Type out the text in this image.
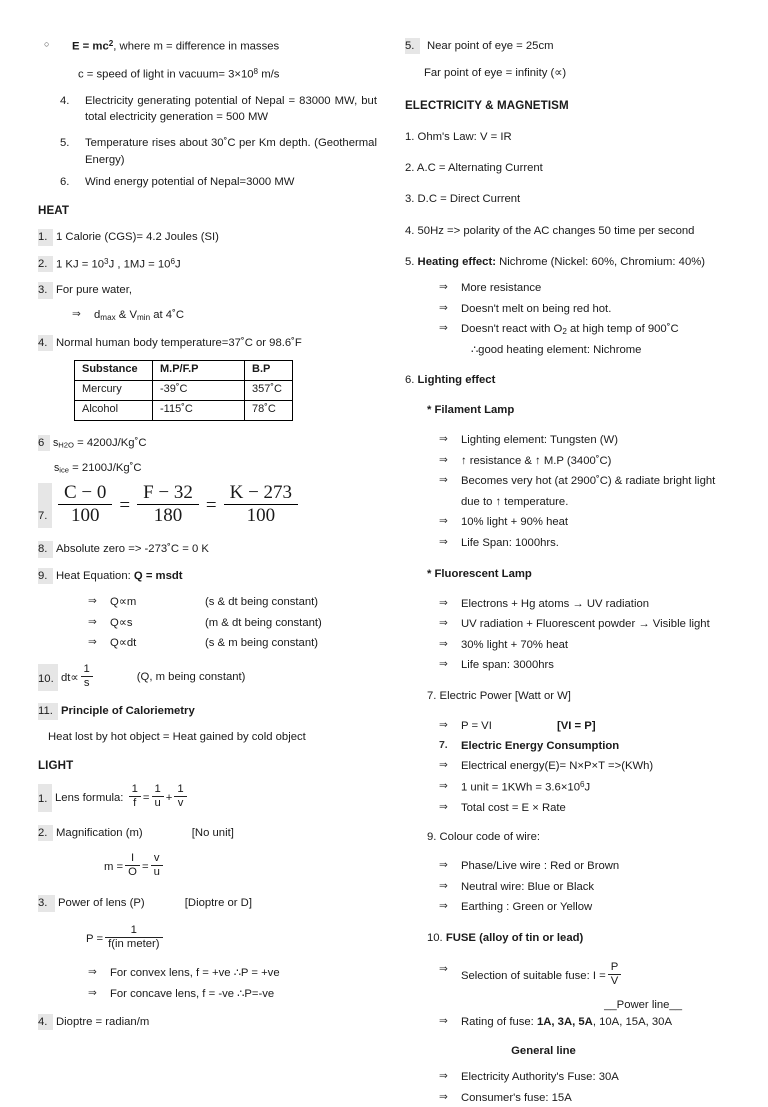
○	$E = mc^2$, where m = difference in masses
c = speed of light in vacuum= $3\times 10^8$ m/s
4.	Electricity generating potential of Nepal = 83000 MW, but total electricity generation = 500 MW
5.	Temperature rises about 30˚C per Km depth. (Geothermal Energy)
6.	Wind energy potential of Nepal=3000 MW
HEAT
1. 1 Calorie (CGS)= 4.2 Joules (SI)
2. 1 KJ = $10^3J$ , $1MJ = 10^6J$
3. For pure water,
⇒	$d_{max}$ & $V_{min}$ at 4˚C
4. Normal human body temperature=37˚C or 98.6˚F
Substance	M.P/F.P	B.P
Mercury	-39˚C	357˚C
Alcohol	-115˚C	78˚C
6 $s_{H2O}$ = 4200J/Kg˚C
$s_{ice}$ = 2100J/Kg˚C
7. $\frac{C - 0}{100} = \frac{F - 32}{180} = \frac{K - 273}{100}$
8. Absolute zero => -273˚C = 0 K
9. Heat Equation: Q = msdt
⇒	Q∝m	(s & dt being constant)
⇒	Q∝s	(m & dt being constant)
⇒	Q∝dt	(s & m being constant)
10. $dt\propto \frac{1}{s}$	(Q, m being constant)
11. Principle of Caloriemetry
Heat lost by hot object = Heat gained by cold object
LIGHT
1. Lens formula: $\frac{1}{f} = \frac{1}{u} + \frac{1}{v}$
2. Magnification (m)	[No unit]
$m = \frac{I}{O} = \frac{v}{u}$
3. Power of lens (P)	[Dioptre or D]
$P = \frac{1}{\text{f(in meter)}}$
⇒	For convex lens, f = +ve ∴P = +ve
⇒	For concave lens, f = -ve ∴P=-ve
4. Dioptre = radian/m
5.	Near point of eye = 25cm
Far point of eye = infinity (∝)
ELECTRICITY & MAGNETISM
1. Ohm's Law: V = IR
2. A.C = Alternating Current
3. D.C = Direct Current
4. 50Hz => polarity of the AC changes 50 time per second
5. Heating effect: Nichrome (Nickel: 60%, Chromium: 40%)
⇒	More resistance
⇒	Doesn't melt on being red hot.
⇒	Doesn't react with $O_2$ at high temp of 900˚C
∴good heating element: Nichrome
6. Lighting effect
* Filament Lamp
⇒	Lighting element: Tungsten (W)
⇒	↑ resistance & ↑ M.P (3400˚C)
⇒	Becomes very hot (at 2900˚C) & radiate bright light
due to ↑ temperature.
⇒	10% light + 90% heat
⇒	Life Span: 1000hrs.
* Fluorescent Lamp
⇒	Electrons + Hg atoms → UV radiation
⇒	UV radiation + Fluorescent powder → Visible light
⇒	30% light + 70% heat
⇒	Life span: 3000hrs
7. Electric Power [Watt or W]
⇒	P = VI	[VI = P]
7.	Electric Energy Consumption
⇒	Electrical energy(E)= N×P×T =>(KWh)
⇒	1 unit = $1KWh = 3.6\times 10^6J$
⇒	Total cost = E × Rate
9. Colour code of wire:
⇒	Phase/Live wire : Red or Brown
⇒	Neutral wire: Blue or Black
⇒	Earthing : Green or Yellow
10. FUSE (alloy of tin or lead)
⇒
Selection of suitable fuse: $I = \frac{P}{V}$
__Power line__
⇒	Rating of fuse: 1A, 3A, 5A, 10A, 15A, 30A
General line
⇒	Electricity Authority's Fuse: 30A
⇒	Consumer's fuse: 15A
